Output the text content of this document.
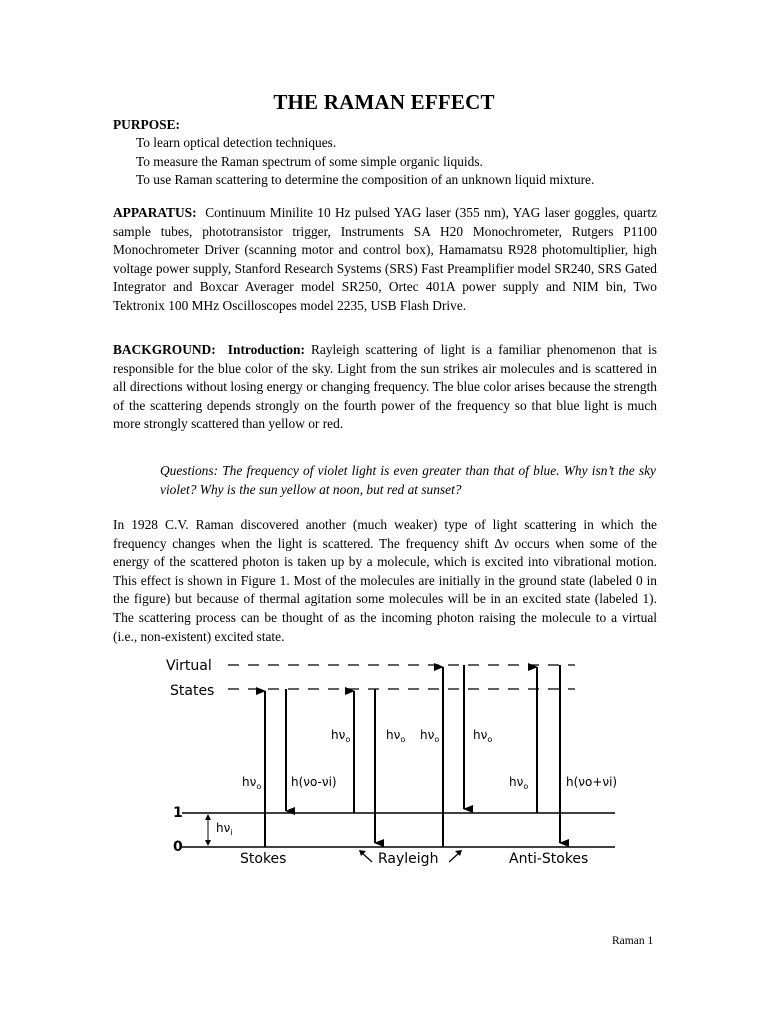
THE RAMAN EFFECT
PURPOSE:
To learn optical detection techniques.
To measure the Raman spectrum of some simple organic liquids.
To use Raman scattering to determine the composition of an unknown liquid mixture.
APPARATUS: Continuum Minilite 10 Hz pulsed YAG laser (355 nm), YAG laser goggles, quartz sample tubes, phototransistor trigger, Instruments SA H20 Monochrometer, Rutgers P1100 Monochrometer Driver (scanning motor and control box), Hamamatsu R928 photomultiplier, high voltage power supply, Stanford Research Systems (SRS) Fast Preamplifier model SR240, SRS Gated Integrator and Boxcar Averager model SR250, Ortec 401A power supply and NIM bin, Two Tektronix 100 MHz Oscilloscopes model 2235, USB Flash Drive.
BACKGROUND: Introduction: Rayleigh scattering of light is a familiar phenomenon that is responsible for the blue color of the sky. Light from the sun strikes air molecules and is scattered in all directions without losing energy or changing frequency. The blue color arises because the strength of the scattering depends strongly on the fourth power of the frequency so that blue light is much more strongly scattered than yellow or red.
Questions: The frequency of violet light is even greater than that of blue. Why isn’t the sky violet? Why is the sun yellow at noon, but red at sunset?
In 1928 C.V. Raman discovered another (much weaker) type of light scattering in which the frequency changes when the light is scattered. The frequency shift Δν occurs when some of the energy of the scattered photon is taken up by a molecule, which is excited into vibrational motion. This effect is shown in Figure 1. Most of the molecules are initially in the ground state (labeled 0 in the figure) but because of thermal agitation some molecules will be in an excited state (labeled 1). The scattering process can be thought of as the incoming photon raising the molecule to a virtual (i.e., non-existent) excited state.
Virtual
States
1
0
$h\nu_i$
$h\nu_o$ h(νo-νi)
$h\nu_o$	$h\nu_o$ $h\nu_o$	$h\nu_o$
$h\nu_o$	h(νo+νi)
Stokes	Rayleigh	Anti-Stokes
Raman 1
